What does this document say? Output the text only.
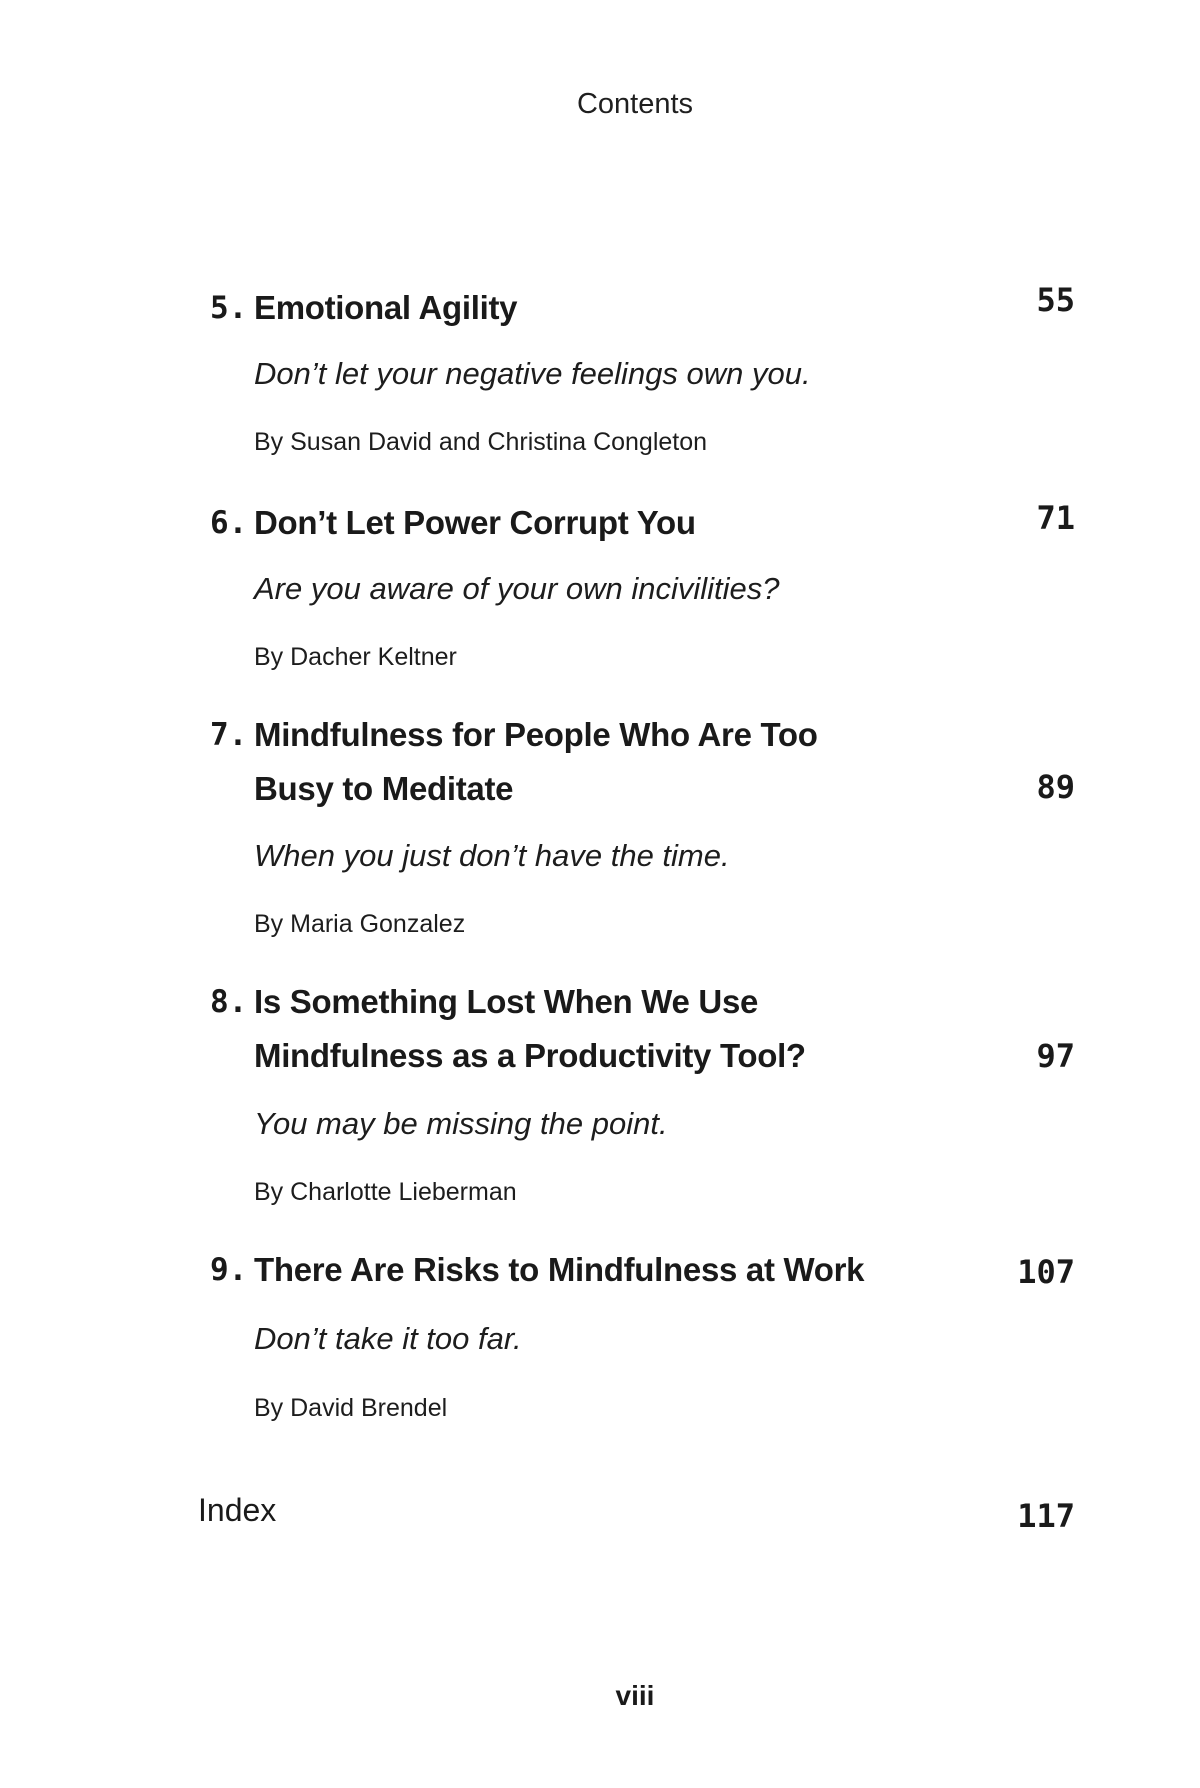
Contents
5. Emotional Agility	55
Don’t let your negative feelings own you.
By Susan David and Christina Congleton
6. Don’t Let Power Corrupt You	71
Are you aware of your own incivilities?
By Dacher Keltner
7. Mindfulness for People Who Are Too
Busy to Meditate	89
When you just don’t have the time.
By Maria Gonzalez
8. Is Something Lost When We Use
Mindfulness as a Productivity Tool?	97
You may be missing the point.
By Charlotte Lieberman
9. There Are Risks to Mindfulness at Work	107
Don’t take it too far.
By David Brendel
Index	117
viii
